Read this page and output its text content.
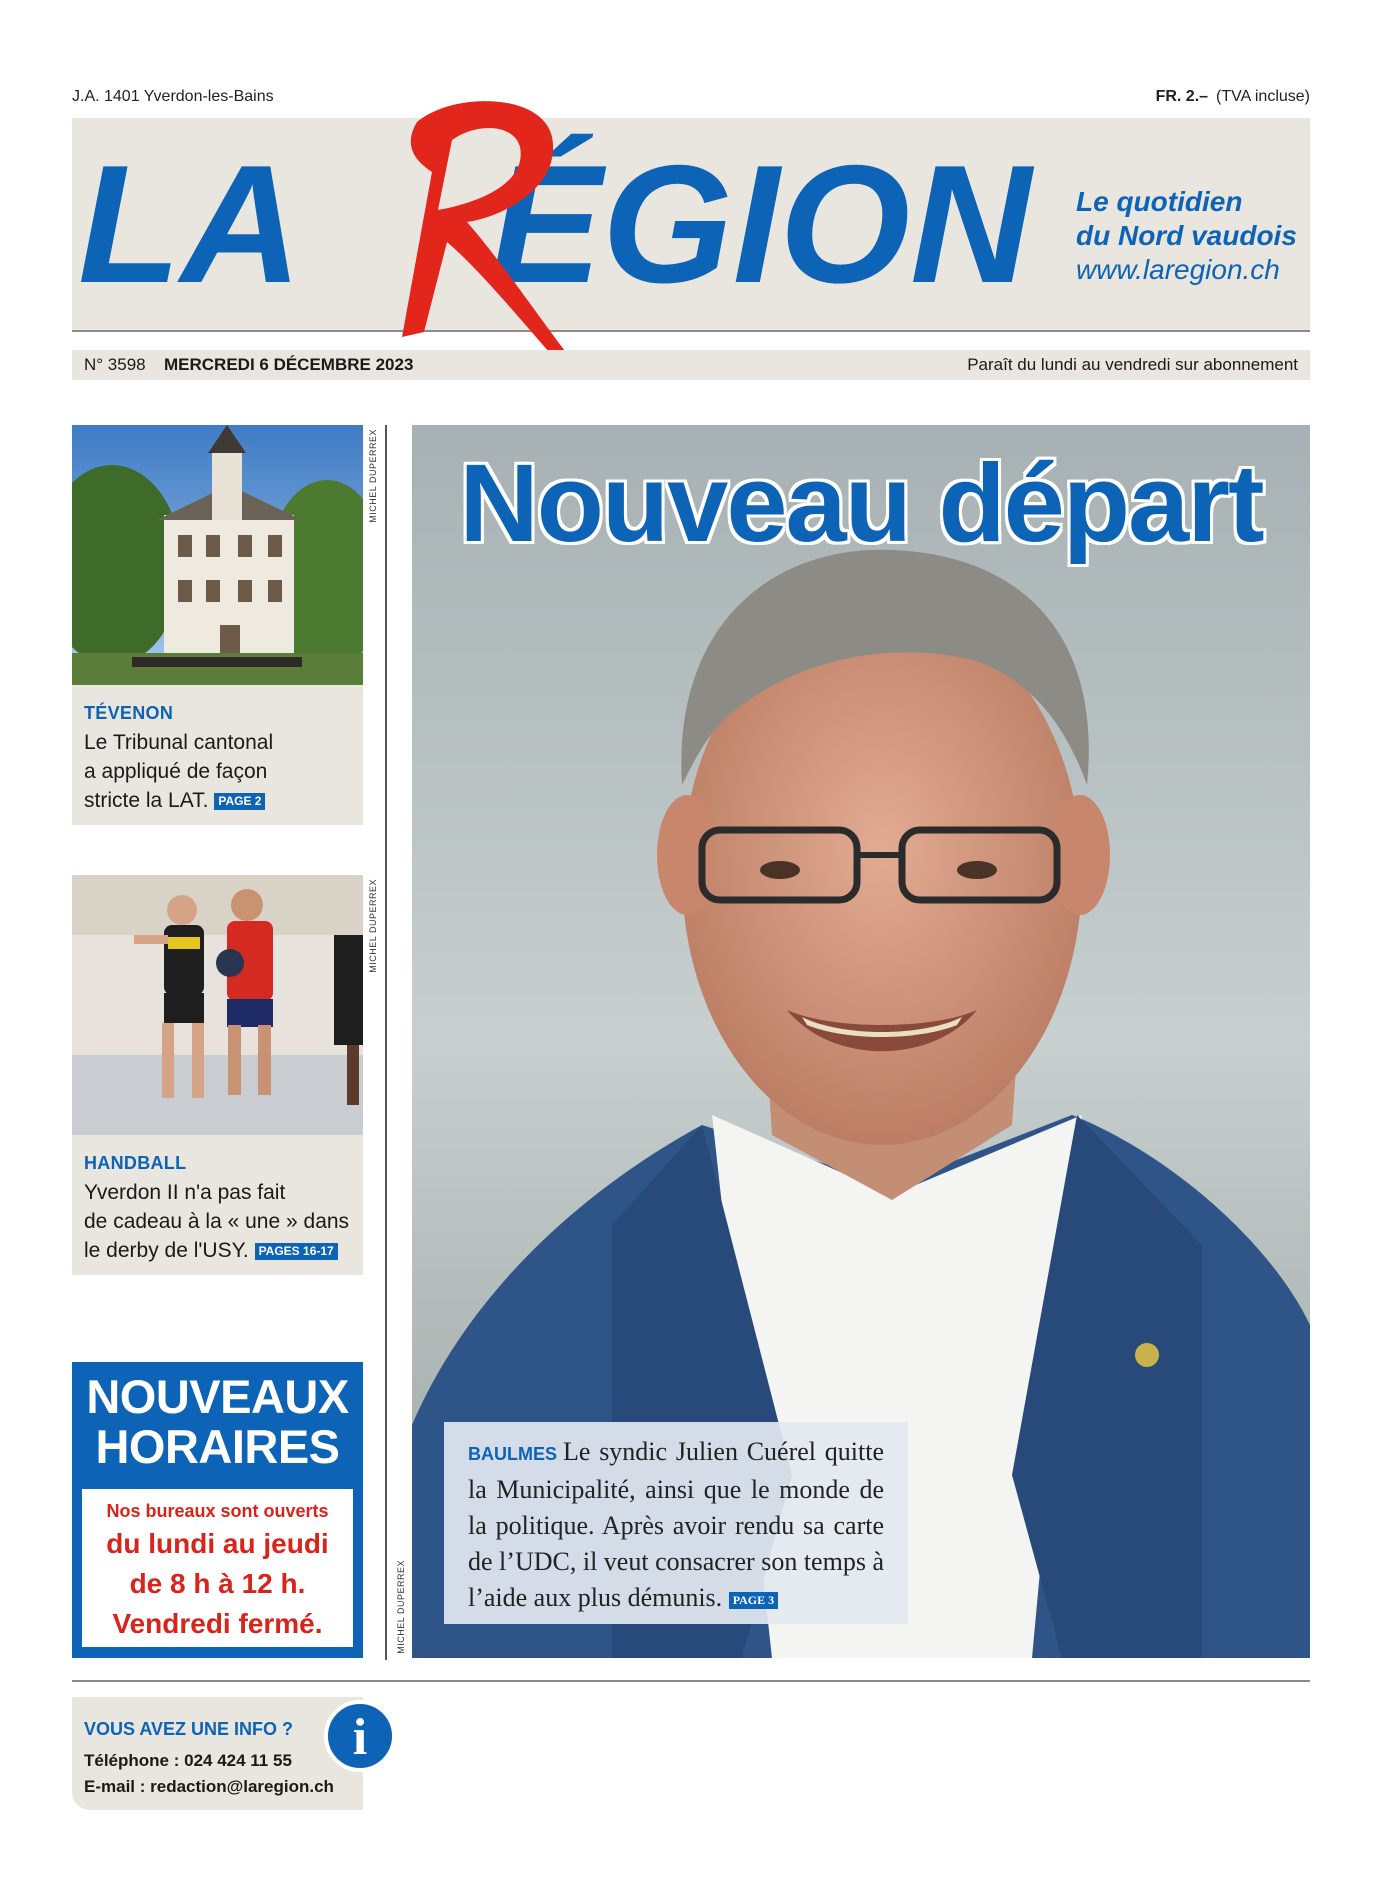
J.A. 1401 Yverdon-les-Bains	FR. 2.– (TVA incluse)
LA ÉGION Le quotidien
du Nord vaudois
www.laregion.ch
N° 3598 MERCREDI 6 DÉCEMBRE 2023	Paraît du lundi au vendredi sur abonnement
MICHEL DUPERREX
TÉVENON
Le Tribunal cantonal
a appliqué de façon
stricte la LAT. PAGE 2
MICHEL DUPERREX
HANDBALL
Yverdon II n'a pas fait
de cadeau à la « une » dans
le derby de l'USY. PAGES 16-17
NOUVEAUX
HORAIRES
Nos bureaux sont ouverts
du lundi au jeudi
de 8 h à 12 h.
Vendredi fermé.	MICHEL DUPERREX
Nouveau départ
BAULMES Le syndic Julien Cuérel quitte la Municipalité, ainsi que le monde de la politique. Après avoir rendu sa carte de l’UDC, il veut consacrer son temps à l’aide aux plus démunis. PAGE 3
VOUS AVEZ UNE INFO ?
Téléphone : 024 424 11 55
E-mail : redaction@laregion.ch
i
